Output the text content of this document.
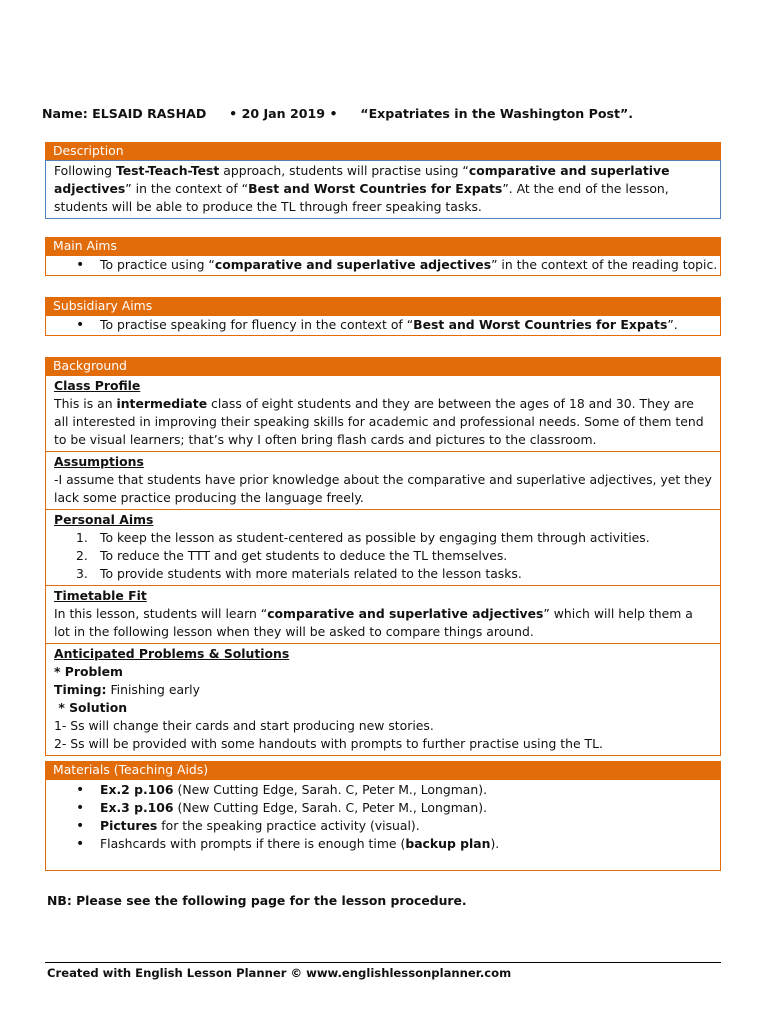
Name: ELSAID RASHAD • 20 Jan 2019 • “Expatriates in the Washington Post”.
Description
Following Test-Teach-Test approach, students will practise using “comparative and superlative adjectives” in the context of “Best and Worst Countries for Expats”. At the end of the lesson, students will be able to produce the TL through freer speaking tasks.
Main Aims
• To practice using “comparative and superlative adjectives” in the context of the reading topic.
Subsidiary Aims
• To practise speaking for fluency in the context of “Best and Worst Countries for Expats”.
Background
Class Profile
This is an intermediate class of eight students and they are between the ages of 18 and 30. They are all interested in improving their speaking skills for academic and professional needs. Some of them tend to be visual learners; that’s why I often bring flash cards and pictures to the classroom.
Assumptions
-I assume that students have prior knowledge about the comparative and superlative adjectives, yet they lack some practice producing the language freely.
Personal Aims
1. To keep the lesson as student-centered as possible by engaging them through activities.
2. To reduce the TTT and get students to deduce the TL themselves.
3. To provide students with more materials related to the lesson tasks.
Timetable Fit
In this lesson, students will learn “comparative and superlative adjectives” which will help them a lot in the following lesson when they will be asked to compare things around.
Anticipated Problems & Solutions
* Problem
Timing: Finishing early
* Solution
1- Ss will change their cards and start producing new stories.
2- Ss will be provided with some handouts with prompts to further practise using the TL.
Materials (Teaching Aids)
• Ex.2 p.106 (New Cutting Edge, Sarah. C, Peter M., Longman).
• Ex.3 p.106 (New Cutting Edge, Sarah. C, Peter M., Longman).
• Pictures for the speaking practice activity (visual).
• Flashcards with prompts if there is enough time (backup plan).
NB: Please see the following page for the lesson procedure.
Created with English Lesson Planner © www.englishlessonplanner.com
